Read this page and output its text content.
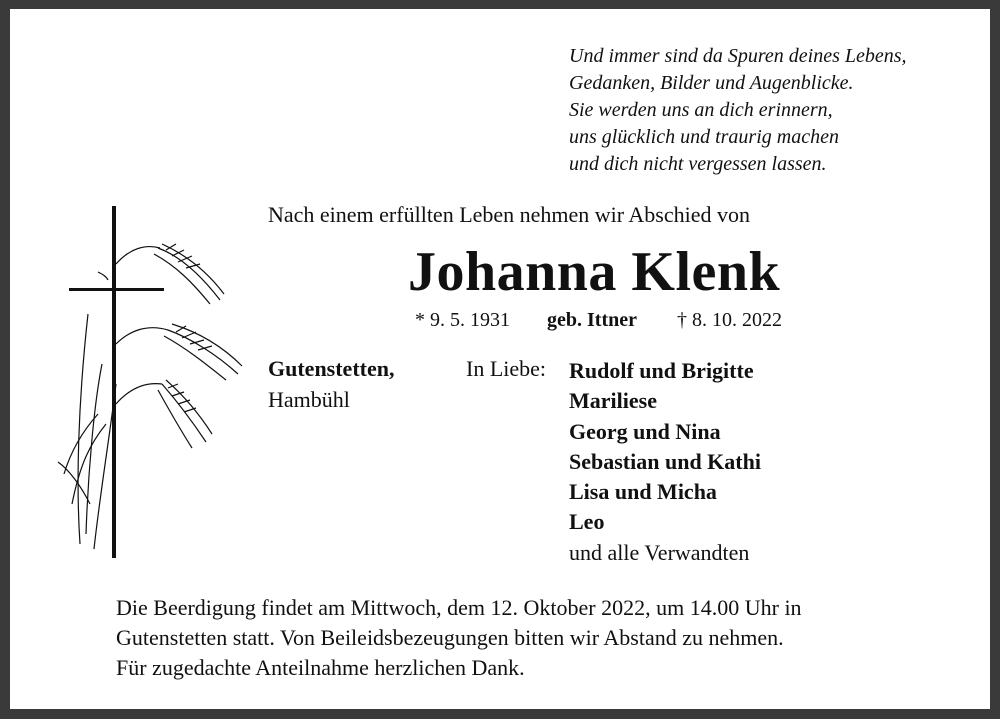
Und immer sind da Spuren deines Lebens,
Gedanken, Bilder und Augenblicke.
Sie werden uns an dich erinnern,
uns glücklich und traurig machen
und dich nicht vergessen lassen.
Nach einem erfüllten Leben nehmen wir Abschied von
Johanna Klenk
* 9. 5. 1931 geb. Ittner † 8. 10. 2022
Gutenstetten,
Hambühl
In Liebe: Rudolf und Brigitte
Mariliese
Georg und Nina
Sebastian und Kathi
Lisa und Micha
Leo
und alle Verwandten
Die Beerdigung findet am Mittwoch, dem 12. Oktober 2022, um 14.00 Uhr in
Gutenstetten statt. Von Beileidsbezeugungen bitten wir Abstand zu nehmen.
Für zugedachte Anteilnahme herzlichen Dank.
